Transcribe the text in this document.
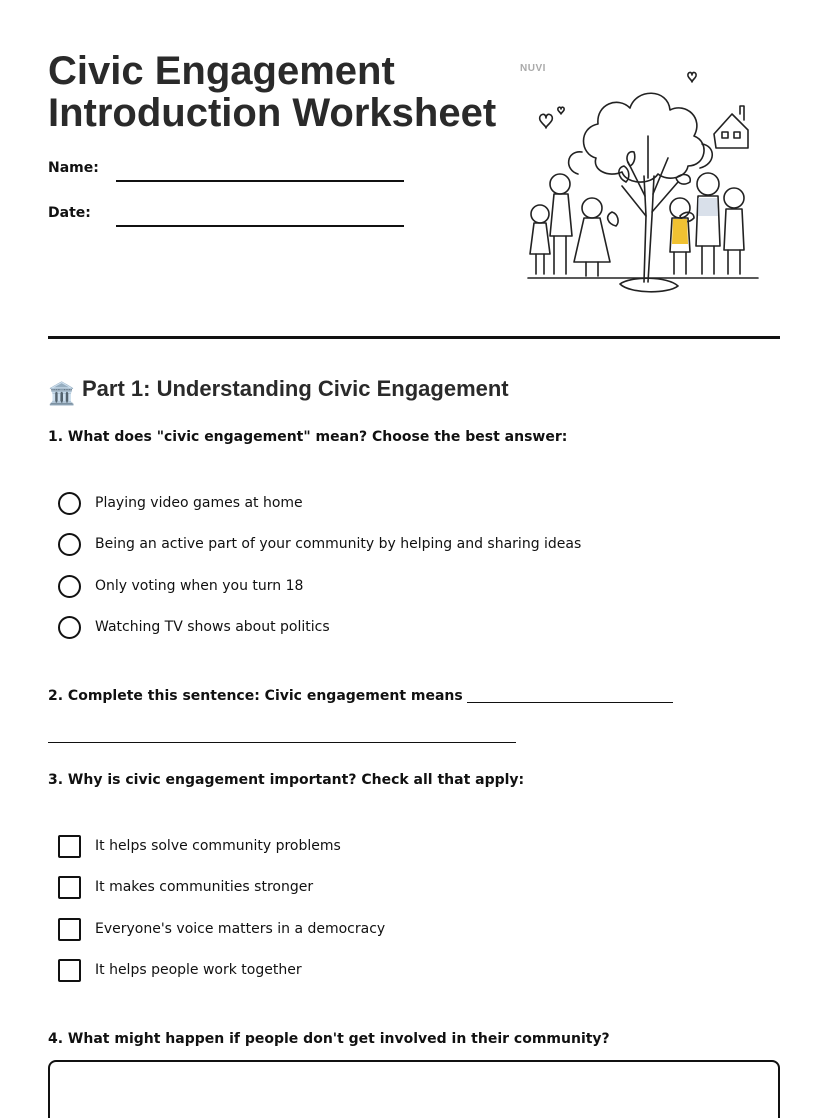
Civic Engagement
Introduction Worksheet
Name:
Date:
NUVI
🏛️ Part 1: Understanding Civic Engagement
1. What does "civic engagement" mean? Choose the best answer:
Playing video games at home
Being an active part of your community by helping and sharing ideas
Only voting when you turn 18
Watching TV shows about politics
2. Complete this sentence: Civic engagement means
3. Why is civic engagement important? Check all that apply:
It helps solve community problems
It makes communities stronger
Everyone's voice matters in a democracy
It helps people work together
4. What might happen if people don't get involved in their community?
